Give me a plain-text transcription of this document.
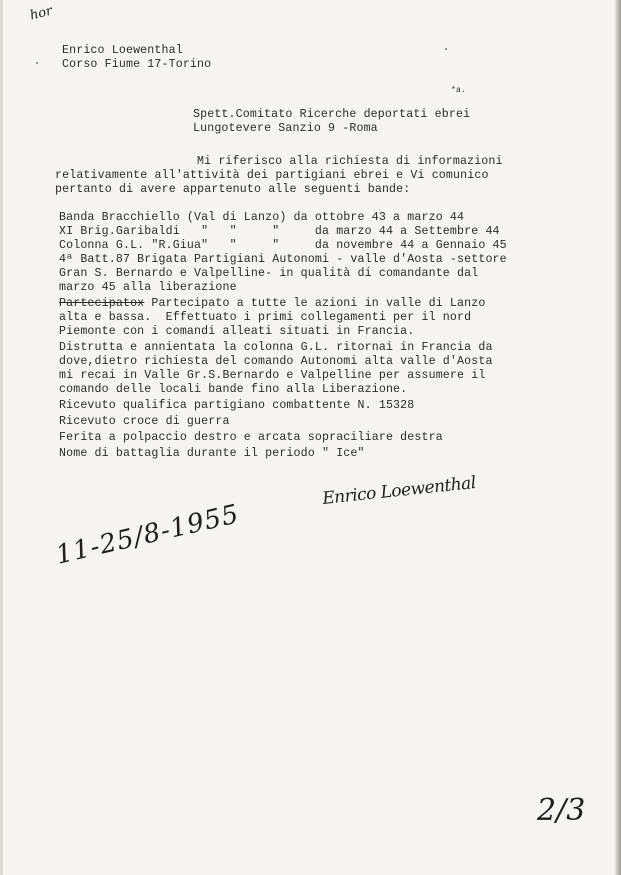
hor
Enrico Loewenthal
Corso Fiume 17-Torino
*a.
Spett.Comitato Ricerche deportati ebrei
Lungotevere Sanzio 9 -Roma
Mi riferisco alla richiesta di informazioni
relativamente all'attività dei partigiani ebrei e Vi comunico
pertanto di avere appartenuto alle seguenti bande:
Banda Bracchiello (Val di Lanzo) da ottobre 43 a marzo 44
XI Brig.Garibaldi   "   "     "     da marzo 44 a Settembre 44
Colonna G.L. "R.Giua"   "     "     da novembre 44 a Gennaio 45
4ª Batt.87 Brigata Partigiani Autonomi - valle d'Aosta -settore
Gran S. Bernardo e Valpelline- in qualità di comandante dal
marzo 45 alla liberazione
Partecipatox Partecipato a tutte le azioni in valle di Lanzo
alta e bassa.  Effettuato i primi collegamenti per il nord
Piemonte con i comandi alleati situati in Francia.
Distrutta e annientata la colonna G.L. ritornai in Francia da
dove,dietro richiesta del comando Autonomi alta valle d'Aosta
mi recai in Valle Gr.S.Bernardo e Valpelline per assumere il
comando delle locali bande fino alla Liberazione.
Ricevuto qualifica partigiano combattente N. 15328
Ricevuto croce di guerra
Ferita a polpaccio destro e arcata sopraciliare destra
Nome di battaglia durante il periodo " Ice"
Enrico Loewenthal
11-25/8-1955
2/3
